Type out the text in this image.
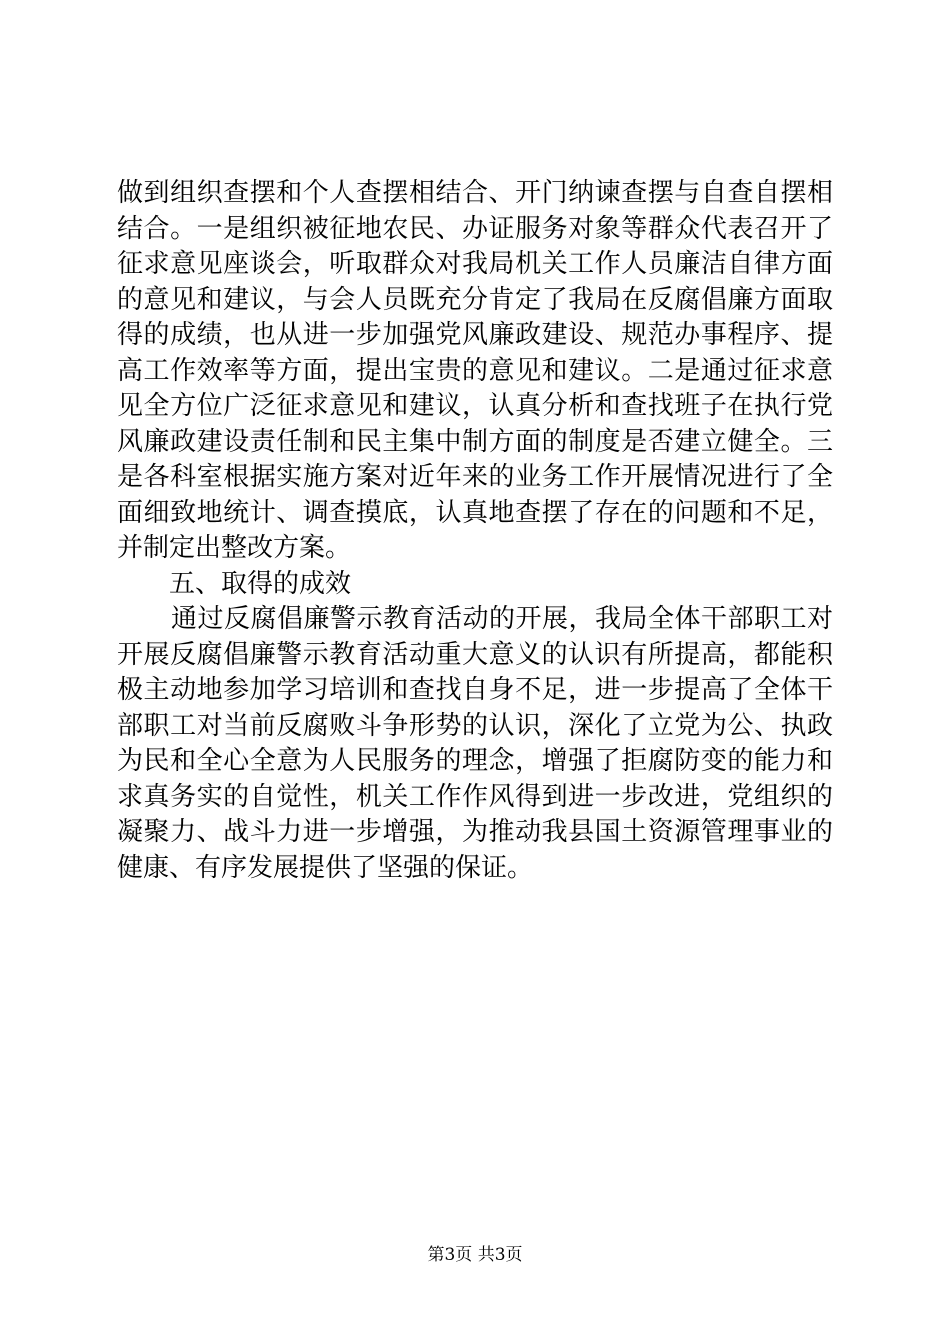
做到组织查摆和个人查摆相结合、开门纳谏查摆与自查自摆相
结合。一是组织被征地农民、办证服务对象等群众代表召开了
征求意见座谈会，听取群众对我局机关工作人员廉洁自律方面
的意见和建议，与会人员既充分肯定了我局在反腐倡廉方面取
得的成绩，也从进一步加强党风廉政建设、规范办事程序、提
高工作效率等方面，提出宝贵的意见和建议。二是通过征求意
见全方位广泛征求意见和建议，认真分析和查找班子在执行党
风廉政建设责任制和民主集中制方面的制度是否建立健全。三
是各科室根据实施方案对近年来的业务工作开展情况进行了全
面细致地统计、调查摸底，认真地查摆了存在的问题和不足，
并制定出整改方案。
五、取得的成效
通过反腐倡廉警示教育活动的开展，我局全体干部职工对
开展反腐倡廉警示教育活动重大意义的认识有所提高，都能积
极主动地参加学习培训和查找自身不足，进一步提高了全体干
部职工对当前反腐败斗争形势的认识，深化了立党为公、执政
为民和全心全意为人民服务的理念，增强了拒腐防变的能力和
求真务实的自觉性，机关工作作风得到进一步改进，党组织的
凝聚力、战斗力进一步增强，为推动我县国土资源管理事业的
健康、有序发展提供了坚强的保证。
第3页 共3页
